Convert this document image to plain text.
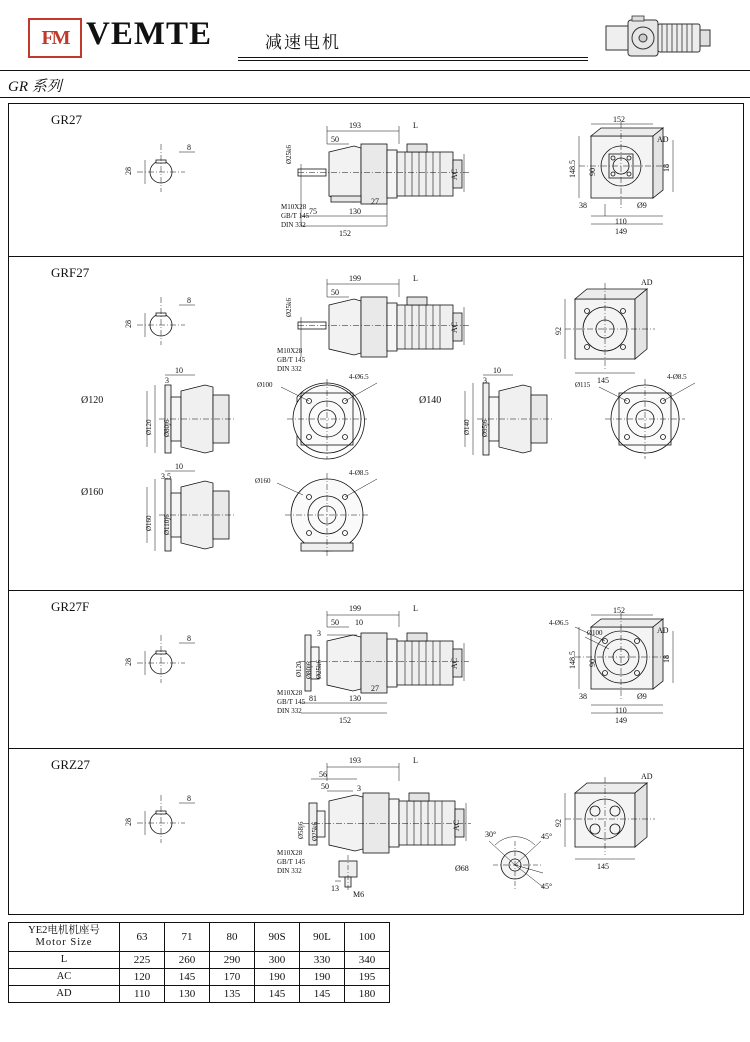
FM VEMTE	减速电机
GR 系列
GR27
8
28
193	L
50
Ø25k6
AC
M10X28
GB/T 145
DIN 332
75	130
27
152
152
AD
148.5 90	18
38	Ø9
110
149
GRF27
8
28
199	L
50
Ø25k6
AC
M10X28
GB/T 145
DIN 332
AD
92
145
Ø120
10
3
Ø120 Ø80j6
Ø100
4-Ø6.5
Ø140
10
3
Ø140 Ø95j6
Ø115
4-Ø8.5
Ø160
10
3.5
Ø160 Ø110j6
Ø160
4-Ø8.5
GR27F
8
28
199	L
50 10
3
Ø120 Ø80j6 Ø25k6	AC
M10X28
GB/T 145
DIN 332
81	130
27
152
4-Ø6.5
Ø100
152
AD
148.5 90	18
38	Ø9
110
149
GRZ27
8
28
193	L
56
50	3
Ø58j6 Ø25k6	AC
M10X28
GB/T 145
DIN 332
13
M6
30°	45°
45°
Ø68
AD
92
145
YE2电机机座号
Motor Size	63	71	80	90S	90L	100
L	225	260	290	300	330	340
AC	120	145	170	190	190	195
AD	110	130	135	145	145	180
